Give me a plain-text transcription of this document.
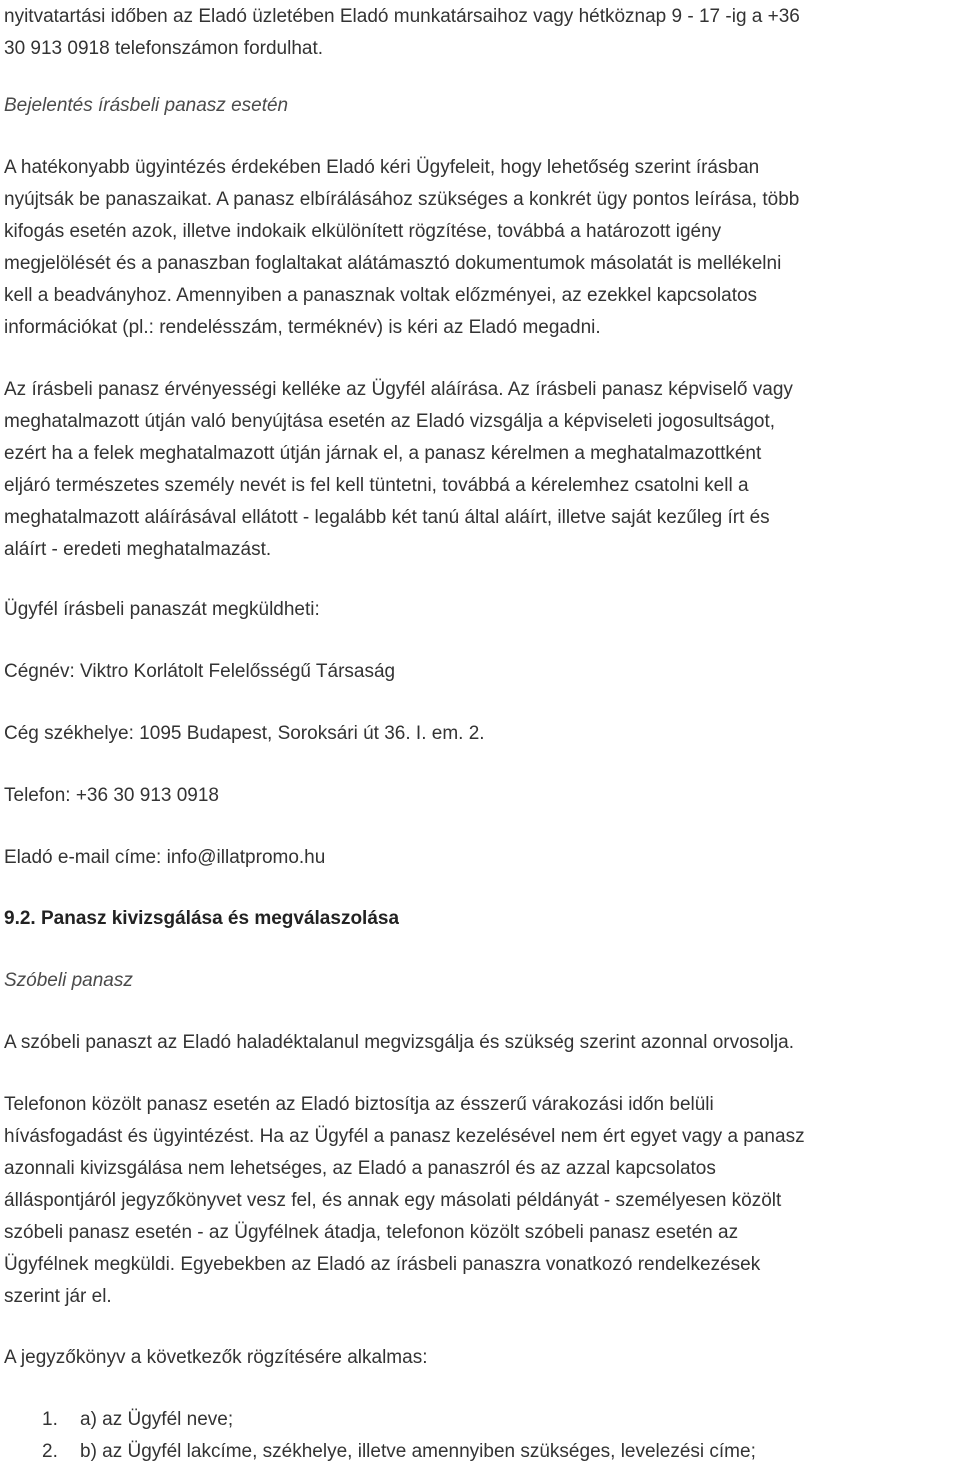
nyitvatartási időben az Eladó üzletében Eladó munkatársaihoz vagy hétköznap 9 - 17 -ig a +36
30 913 0918 telefonszámon fordulhat.
Bejelentés írásbeli panasz esetén
A hatékonyabb ügyintézés érdekében Eladó kéri Ügyfeleit, hogy lehetőség szerint írásban
nyújtsák be panaszaikat. A panasz elbírálásához szükséges a konkrét ügy pontos leírása, több
kifogás esetén azok, illetve indokaik elkülönített rögzítése, továbbá a határozott igény
megjelölését és a panaszban foglaltakat alátámasztó dokumentumok másolatát is mellékelni
kell a beadványhoz. Amennyiben a panasznak voltak előzményei, az ezekkel kapcsolatos
információkat (pl.: rendelésszám, terméknév) is kéri az Eladó megadni.
Az írásbeli panasz érvényességi kelléke az Ügyfél aláírása. Az írásbeli panasz képviselő vagy
meghatalmazott útján való benyújtása esetén az Eladó vizsgálja a képviseleti jogosultságot,
ezért ha a felek meghatalmazott útján járnak el, a panasz kérelmen a meghatalmazottként
eljáró természetes személy nevét is fel kell tüntetni, továbbá a kérelemhez csatolni kell a
meghatalmazott aláírásával ellátott - legalább két tanú által aláírt, illetve saját kezűleg írt és
aláírt - eredeti meghatalmazást.
Ügyfél írásbeli panaszát megküldheti:
Cégnév: Viktro Korlátolt Felelősségű Társaság
Cég székhelye: 1095 Budapest, Soroksári út 36. I. em. 2.
Telefon: +36 30 913 0918
Eladó e-mail címe: info@illatpromo.hu
9.2. Panasz kivizsgálása és megválaszolása
Szóbeli panasz
A szóbeli panaszt az Eladó haladéktalanul megvizsgálja és szükség szerint azonnal orvosolja.
Telefonon közölt panasz esetén az Eladó biztosítja az ésszerű várakozási időn belüli
hívásfogadást és ügyintézést. Ha az Ügyfél a panasz kezelésével nem ért egyet vagy a panasz
azonnali kivizsgálása nem lehetséges, az Eladó a panaszról és az azzal kapcsolatos
álláspontjáról jegyzőkönyvet vesz fel, és annak egy másolati példányát - személyesen közölt
szóbeli panasz esetén - az Ügyfélnek átadja, telefonon közölt szóbeli panasz esetén az
Ügyfélnek megküldi. Egyebekben az Eladó az írásbeli panaszra vonatkozó rendelkezések
szerint jár el.
A jegyzőkönyv a következők rögzítésére alkalmas:
1. a) az Ügyfél neve;
2. b) az Ügyfél lakcíme, székhelye, illetve amennyiben szükséges, levelezési címe;
